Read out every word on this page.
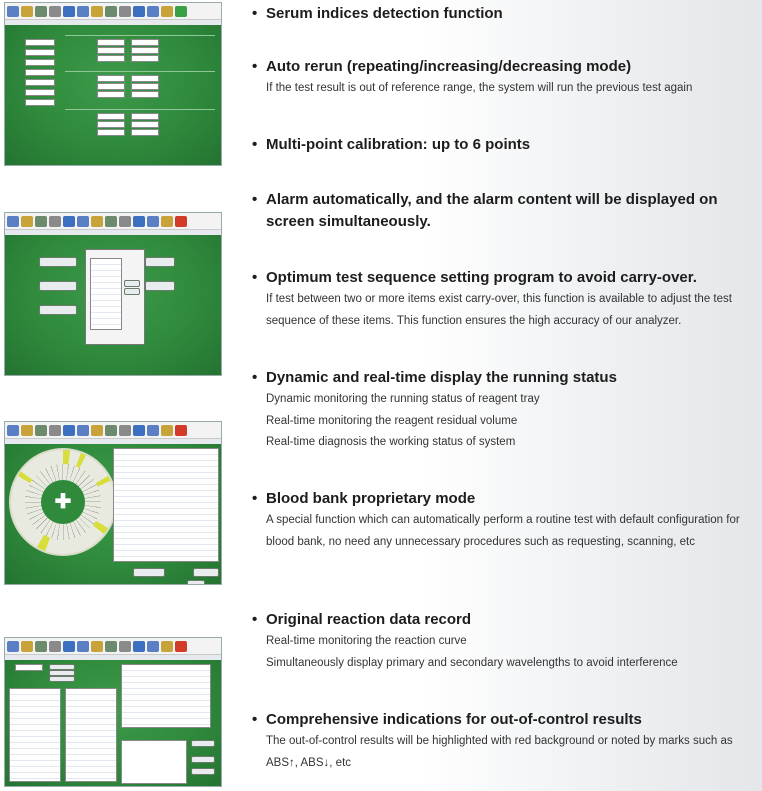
✚
• Serum indices detection function
• Auto rerun (repeating/increasing/decreasing mode)

If the test result is out of reference range, the system will run the previous test again

• Multi-point calibration: up to 6 points
• Alarm automatically, and the alarm content will be displayed on screen simultaneously.
• Optimum test sequence setting program to avoid carry-over.

If test between two or more items exist carry-over, this function is available to adjust the test sequence of these items. This function ensures the high accuracy of our analyzer.

• Dynamic and real-time display the running status

Dynamic monitoring the running status of reagent tray

Real-time monitoring the reagent residual volume

Real-time diagnosis the working status of system

• Blood bank proprietary mode

A special function which can automatically perform a routine test with default configuration for blood bank, no need any unnecessary procedures such as requesting, scanning, etc

• Original reaction data record

Real-time monitoring the reaction curve

Simultaneously display primary and secondary wavelengths to avoid interference

• Comprehensive indications for out-of-control results

The out-of-control results will be highlighted with red background or noted by marks such as ABS↑, ABS↓, etc
